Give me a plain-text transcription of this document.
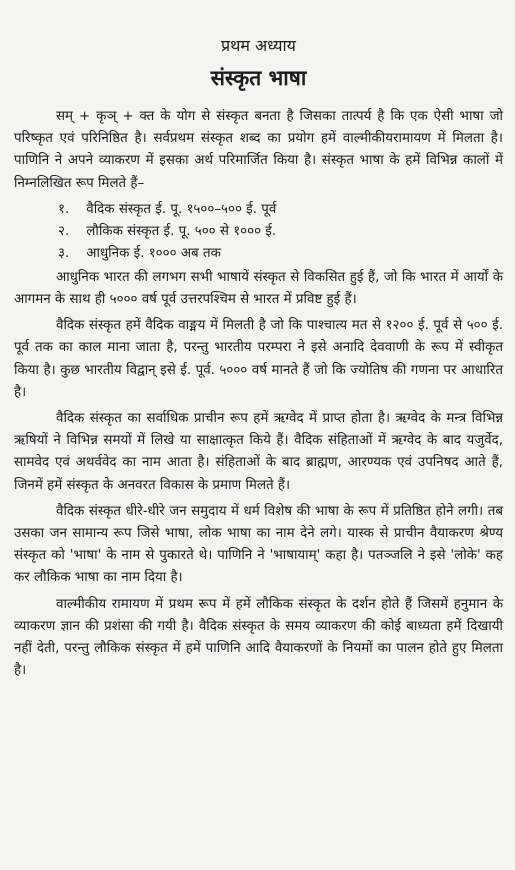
प्रथम अध्याय
संस्कृत भाषा

सम् + कृञ् + क्त के योग से संस्कृत बनता है जिसका तात्पर्य है कि एक ऐसी भाषा जो परिष्कृत एवं परिनिष्ठित है। सर्वप्रथम संस्कृत शब्द का प्रयोग हमें वाल्मीकीयरामायण में मिलता है। पाणिनि ने अपने व्याकरण में इसका अर्थ परिमार्जित किया है। संस्कृत भाषा के हमें विभिन्न कालों में निम्नलिखित रूप मिलते हैं–

१. वैदिक संस्कृत ई. पू. १५००–५०० ई. पूर्व
२. लौकिक संस्कृत ई. पू. ५०० से १००० ई.
३. आधुनिक ई. १००० अब तक

आधुनिक भारत की लगभग सभी भाषायें संस्कृत से विकसित हुई हैं, जो कि भारत में आर्यों के आगमन के साथ ही ५००० वर्ष पूर्व उत्तरपश्चिम से भारत में प्रविष्ट हुई हैं।

वैदिक संस्कृत हमें वैदिक वाङ्मय में मिलती है जो कि पाश्चात्य मत से १२०० ई. पूर्व से ५०० ई. पूर्व तक का काल माना जाता है, परन्तु भारतीय परम्परा ने इसे अनादि देववाणी के रूप में स्वीकृत किया है। कुछ भारतीय विद्वान् इसे ई. पूर्व. ५००० वर्ष मानते हैं जो कि ज्योतिष की गणना पर आधारित है।

वैदिक संस्कृत का सर्वाधिक प्राचीन रूप हमें ऋग्वेद में प्राप्त होता है। ऋग्वेद के मन्त्र विभिन्न ऋषियों ने विभिन्न समयों में लिखे या साक्षात्कृत किये हैं। वैदिक संहिताओं में ऋग्वेद के बाद यजुर्वेद, सामवेद एवं अथर्ववेद का नाम आता है। संहिताओं के बाद ब्राह्मण, आरण्यक एवं उपनिषद आते हैं, जिनमें हमें संस्कृत के अनवरत विकास के प्रमाण मिलते हैं।

वैदिक संस्कृत धीरे-धीरे जन समुदाय में धर्म विशेष की भाषा के रूप में प्रतिष्ठित होने लगी। तब उसका जन सामान्य रूप जिसे भाषा, लोक भाषा का नाम देने लगे। यास्क से प्राचीन वैयाकरण श्रेण्य संस्कृत को 'भाषा' के नाम से पुकारते थे। पाणिनि ने 'भाषायाम्' कहा है। पतञ्जलि ने इसे 'लोके' कह कर लौकिक भाषा का नाम दिया है।

वाल्मीकीय रामायण में प्रथम रूप में हमें लौकिक संस्कृत के दर्शन होते हैं जिसमें हनुमान के व्याकरण ज्ञान की प्रशंसा की गयी है। वैदिक संस्कृत के समय व्याकरण की कोई बाध्यता हमें दिखायी नहीं देती, परन्तु लौकिक संस्कृत में हमें पाणिनि आदि वैयाकरणों के नियमों का पालन होते हुए मिलता है।
